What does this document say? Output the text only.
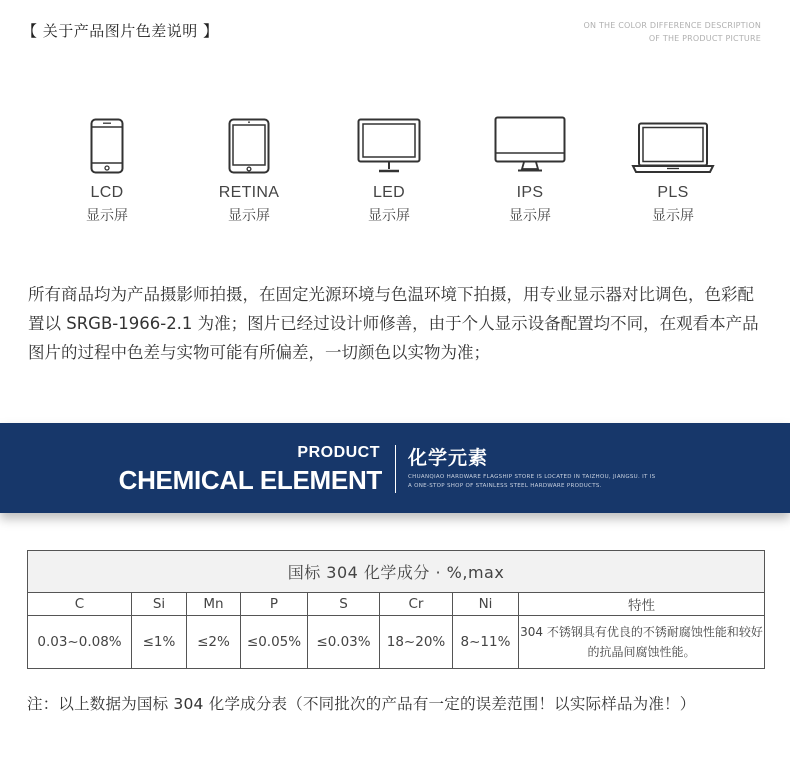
【 关于产品图片色差说明 】	ON THE COLOR DIFFERENCE DESCRIPTION
OF THE PRODUCT PICTURE
LCD
显示屏
RETINA
显示屏
LED
显示屏
IPS
显示屏
PLS
显示屏
所有商品均为产品摄影师拍摄，在固定光源环境与色温环境下拍摄，用专业显示器对比调色，色彩配置以 SRGB-1966-2.1 为准；图片已经过设计师修善，由于个人显示设备配置均不同，在观看本产品图片的过程中色差与实物可能有所偏差，一切颜色以实物为准；
PRODUCT
CHEMICAL ELEMENT
化学元素
CHUANQIAO HARDWARE FLAGSHIP STORE IS LOCATED IN TAIZHOU, JIANGSU. IT IS
A ONE-STOP SHOP OF STAINLESS STEEL HARDWARE PRODUCTS.
国标 304 化学成分 · %,max							
C	Si	Mn	P	S	Cr	Ni	特性
0.03~0.08%	≤1%	≤2%	≤0.05%	≤0.03%	18~20%	8~11%	304 不锈钢具有优良的不锈耐腐蚀性能和较好的抗晶间腐蚀性能。
注：以上数据为国标 304 化学成分表（不同批次的产品有一定的误差范围！以实际样品为准！）
